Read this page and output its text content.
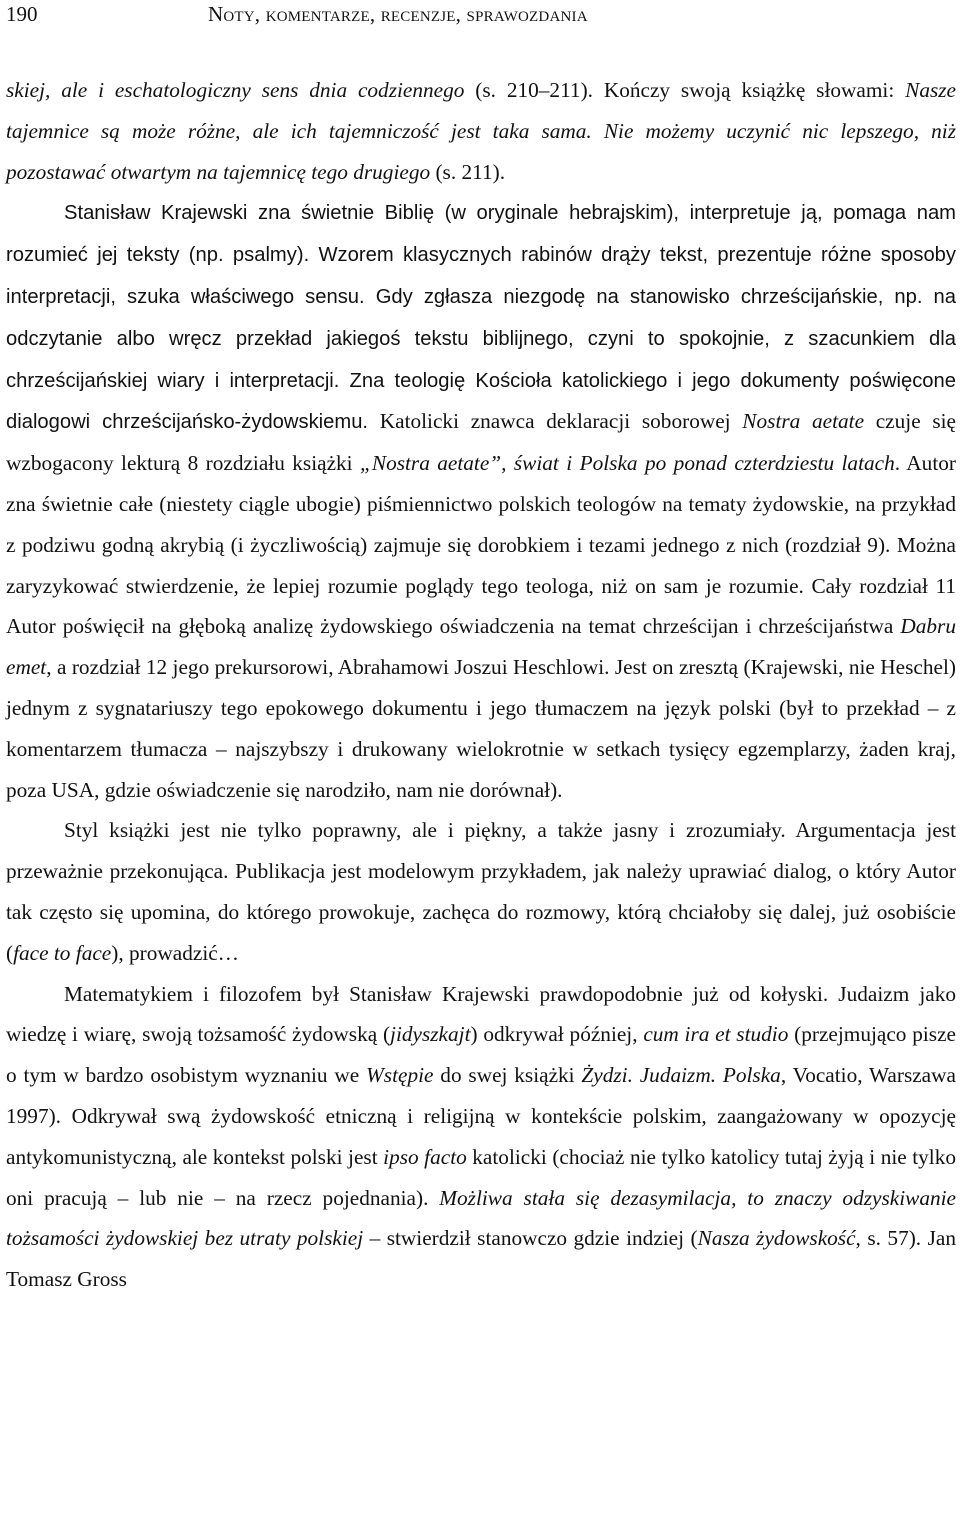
190	Noty, komentarze, recenzje, sprawozdania

skiej, ale i eschatologiczny sens dnia codziennego (s. 210–211). Kończy swoją książkę słowami: Nasze tajemnice są może różne, ale ich tajemniczość jest taka sama. Nie możemy uczynić nic lepszego, niż pozostawać otwartym na tajemnicę tego drugiego (s. 211).

Stanisław Krajewski zna świetnie Biblię (w oryginale hebrajskim), interpretuje ją, pomaga nam rozumieć jej teksty (np. psalmy). Wzorem klasycznych rabinów drąży tekst, prezentuje różne sposoby interpretacji, szuka właściwego sensu. Gdy zgłasza niezgodę na stanowisko chrześcijańskie, np. na odczytanie albo wręcz przekład jakiegoś tekstu biblijnego, czyni to spokojnie, z szacunkiem dla chrześcijańskiej wiary i interpretacji. Zna teologię Kościoła katolickiego i jego dokumenty poświęcone dialogowi chrześcijańsko-żydowskiemu. Katolicki znawca deklaracji soborowej Nostra aetate czuje się wzbogacony lekturą 8 rozdziału książki „Nostra aetate”, świat i Polska po ponad czterdziestu latach. Autor zna świetnie całe (niestety ciągle ubogie) piśmiennictwo polskich teologów na tematy żydowskie, na przykład z podziwu godną akrybią (i życzliwością) zajmuje się dorobkiem i tezami jednego z nich (rozdział 9). Można zaryzykować stwierdzenie, że lepiej rozumie poglądy tego teologa, niż on sam je rozumie. Cały rozdział 11 Autor poświęcił na głęboką analizę żydowskiego oświadczenia na temat chrześcijan i chrześcijaństwa Dabru emet, a rozdział 12 jego prekursorowi, Abrahamowi Joszui Heschlowi. Jest on zresztą (Krajewski, nie Heschel) jednym z sygnatariuszy tego epokowego dokumentu i jego tłumaczem na język polski (był to przekład – z komentarzem tłumacza – najszybszy i drukowany wielokrotnie w setkach tysięcy egzemplarzy, żaden kraj, poza USA, gdzie oświadczenie się narodziło, nam nie dorównał).

Styl książki jest nie tylko poprawny, ale i piękny, a także jasny i zrozumiały. Argumentacja jest przeważnie przekonująca. Publikacja jest modelowym przykładem, jak należy uprawiać dialog, o który Autor tak często się upomina, do którego prowokuje, zachęca do rozmowy, którą chciałoby się dalej, już osobiście (face to face), prowadzić…

Matematykiem i filozofem był Stanisław Krajewski prawdopodobnie już od kołyski. Judaizm jako wiedzę i wiarę, swoją tożsamość żydowską (jidyszkajt) odkrywał później, cum ira et studio (przejmująco pisze o tym w bardzo osobistym wyznaniu we Wstępie do swej książki Żydzi. Judaizm. Polska, Vocatio, Warszawa 1997). Odkrywał swą żydowskość etniczną i religijną w kontekście polskim, zaangażowany w opozycję antykomunistyczną, ale kontekst polski jest ipso facto katolicki (chociaż nie tylko katolicy tutaj żyją i nie tylko oni pracują – lub nie – na rzecz pojednania). Możliwa stała się dezasymilacja, to znaczy odzyskiwanie tożsamości żydowskiej bez utraty polskiej – stwierdził stanowczo gdzie indziej (Nasza żydowskość, s. 57). Jan Tomasz Gross
